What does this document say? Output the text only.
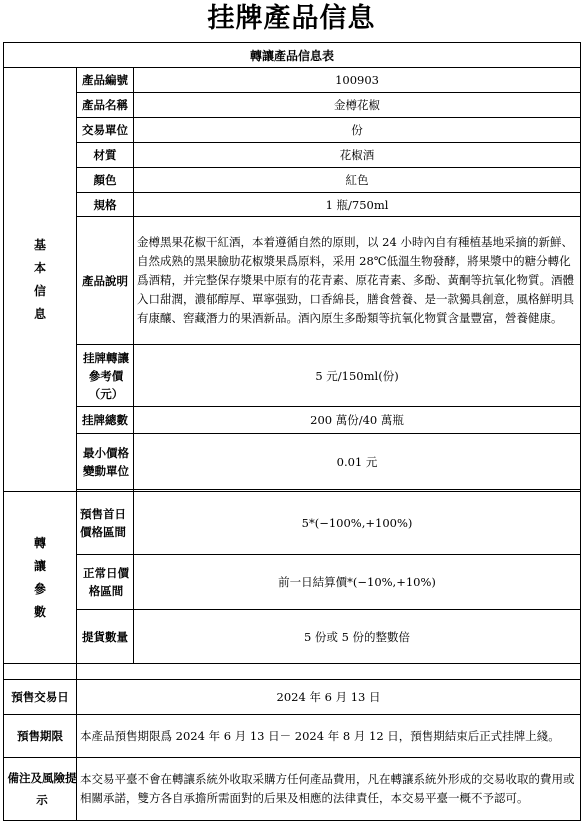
挂牌產品信息
轉讓產品信息表		

基本信息	產品編號	100903
	產品名稱	金樽花椒
	交易單位	份
	材質	花椒酒
	顏色	紅色
	規格	1 瓶/750ml
	產品說明	金樽黑果花椒干紅酒，本着遵循自然的原則，以 24 小時內自有種植基地采摘的新鮮、自然成熟的黑果臉肋花椒漿果爲原料，采用 28℃低溫生物發酵，將果漿中的糖分轉化爲酒精，并完整保存漿果中原有的花青素、原花青素、多酚、黃酮等抗氧化物質。酒體入口甜潤，濃郁醇厚、單寧强勁，口香綿長，膳食營養、是一款獨具創意，風格鮮明具有康釀、窖藏潛力的果酒新品。酒內原生多酚類等抗氧化物質含量豐富，營養健康。

	挂牌轉讓參考價（元）	5 元/150ml(份)
	挂牌總數	200 萬份/40 萬瓶

	最小價格變動單位	0.01 元

轉讓參數	預售首日價格區間	5*(−100%,+100%)

	正常日價格區間	前一日結算價*(−10%,+10%)
	提貨數量	5 份或 5 份的整數倍

預售交易日	2024 年 6 月 13 日	
預售期限	本產品預售期限爲 2024 年 6 月 13 日－ 2024 年 8 月 12 日，預售期結束后正式挂牌上綫。	

備注及風險提示	本交易平臺不會在轉讓系統外收取采購方任何產品費用，凡在轉讓系統外形成的交易收取的費用或相關承諾，雙方各自承擔所需面對的后果及相應的法律責任，本交易平臺一概不予認可。	
